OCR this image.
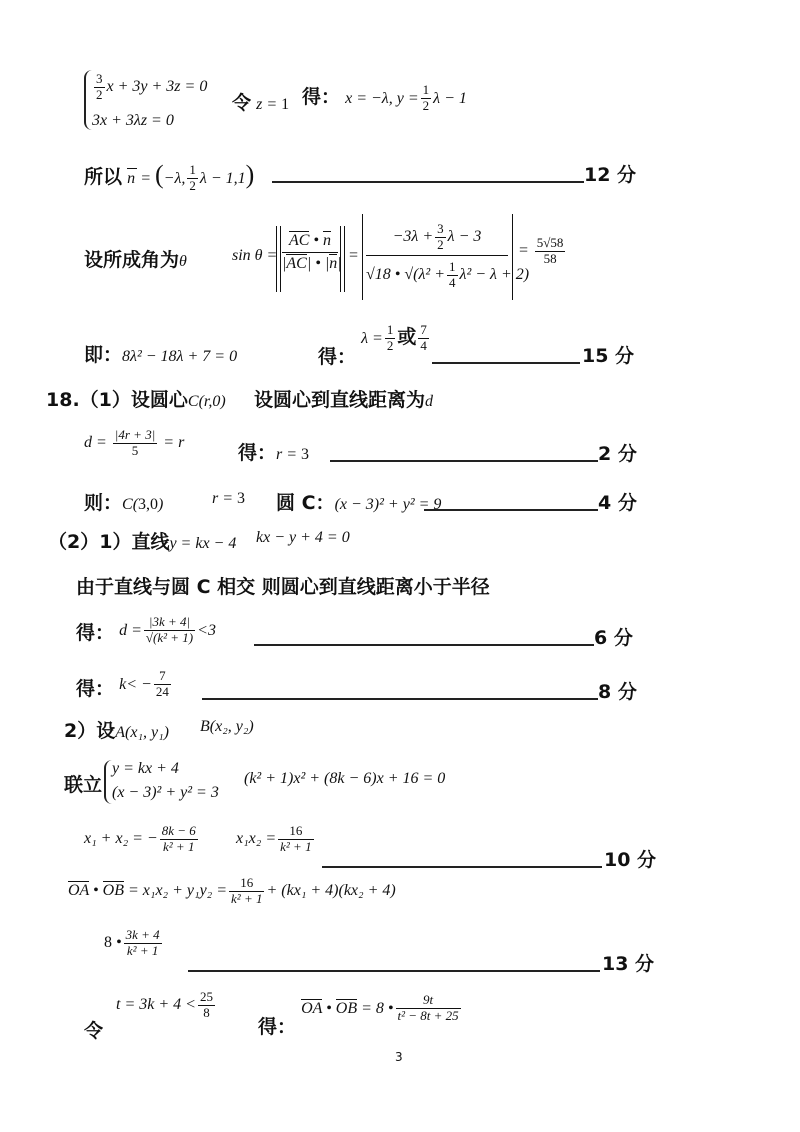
$\frac{3}{2}$ x + 3y + 3z = 0
3x + 3λz = 0
令 z = 1 得： x = −λ, $y = \frac{1}{2}$ λ − 1
所以 n
= (−λ, $\frac{1}{2}$ λ − 1,1)	12 分
设所成角为θ	sin θ =
AC • n
|AC| • |n| =
$-3\lambda + \frac{3}{2}$ λ − 3
√18 • $√(\lambda^2 + \frac{1}{4} \lambda^2 - \lambda + 2)$
= $\frac{5√58}{58}$
即：8λ² − 18λ + 7 = 0	得： $\lambda = \frac{1}{2}$ 或 $\frac{7}{4}$
15 分
18.（1）设圆心C(r,0) 设圆心到直线距离为d
$d = \frac{|4r + 3|}{5} = r$	得：r = 3	2 分
则：C(3,0)	r = 3 圆 C：(x − 3)² + y² = 9	4 分
（2）1）直线y = kx − 4 kx − y + 4 = 0
由于直线与圆 C 相交 则圆心到直线距离小于半径
得： $d = \frac{|3k + 4|}{\text{√(k² + 1)}} <3$	6 分
得： $k< - \frac{7}{24}$	8 分
2）设A(x₁, y₁) B(x₂, y₂)
联立
y = kx + 4
(x − 3)² + y² = 3
(k² + 1)x² + (8k − 6)x + 16 = 0
x₁ + x₂ = − $\frac{8k - 6}{\text{k² + 1}} x_1x_2 = \frac{16}{\text{k² + 1}}$
10 分
OA • OB = $x_1x_2 + y_1y_2 = \frac{16}{\text{k² + 1}} + (kx_1 + 4)(kx_2 + 4)$
8 • $\frac{3k + 4}{\text{k² + 1}}$
13 分
令
$t = 3k + 4 < \frac{25}{8}$
得： OA • OB = 8 • $\frac{9t}{\text{t² − 8t + 25}}$
3
